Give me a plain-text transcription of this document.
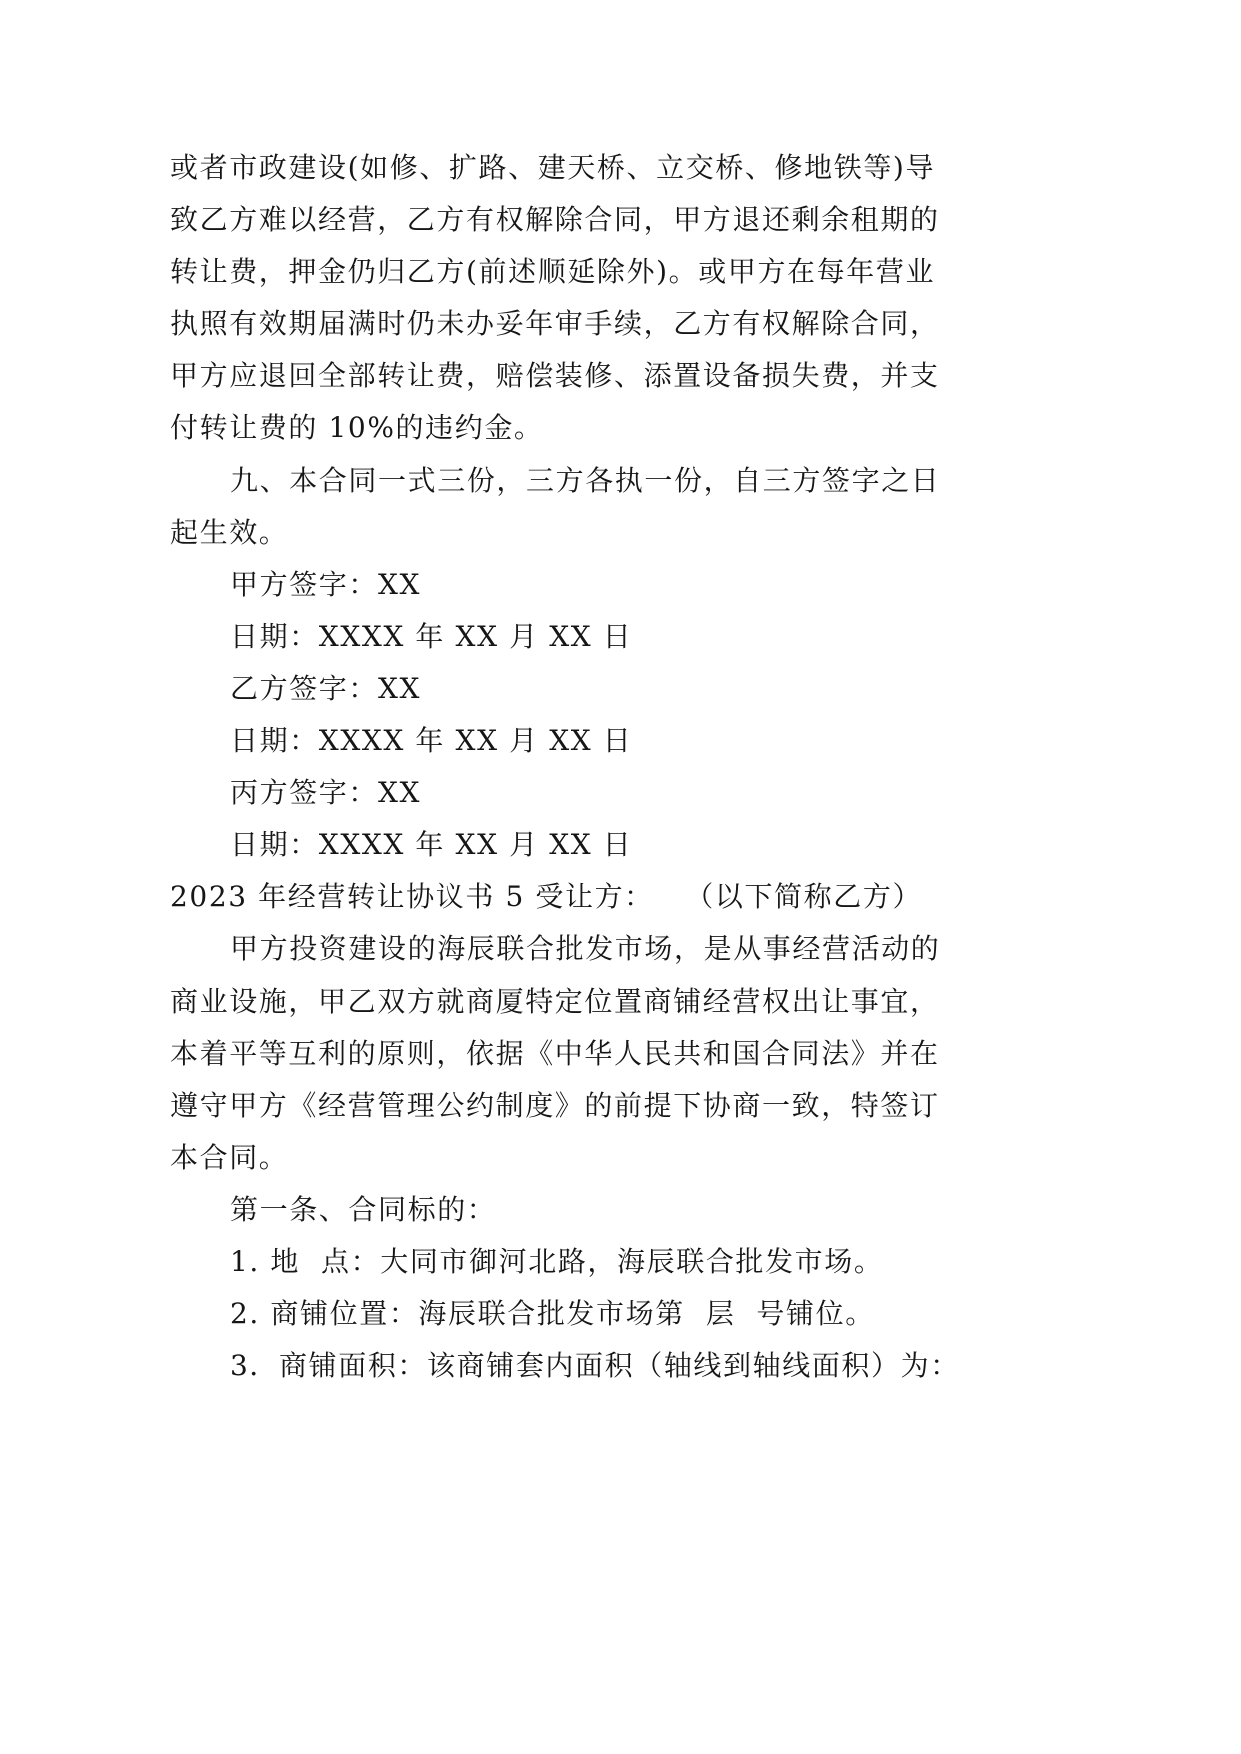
或者市政建设(如修、扩路、建天桥、立交桥、修地铁等)导
致乙方难以经营，乙方有权解除合同，甲方退还剩余租期的
转让费，押金仍归乙方(前述顺延除外)。或甲方在每年营业
执照有效期届满时仍未办妥年审手续，乙方有权解除合同，
甲方应退回全部转让费，赔偿装修、添置设备损失费，并支
付转让费的 10%的违约金。
九、本合同一式三份，三方各执一份，自三方签字之日
起生效。
甲方签字：XX
日期：XXXX 年 XX 月 XX 日
乙方签字：XX
日期：XXXX 年 XX 月 XX 日
丙方签字：XX
日期：XXXX 年 XX 月 XX 日
2023 年经营转让协议书 5 受让方：   （以下简称乙方）
甲方投资建设的海辰联合批发市场，是从事经营活动的
商业设施，甲乙双方就商厦特定位置商铺经营权出让事宜，
本着平等互利的原则，依据《中华人民共和国合同法》并在
遵守甲方《经营管理公约制度》的前提下协商一致，特签订
本合同。
第一条、合同标的：
1. 地  点：大同市御河北路，海辰联合批发市场。
2. 商铺位置：海辰联合批发市场第  层  号铺位。
3．商铺面积：该商铺套内面积（轴线到轴线面积）为：
